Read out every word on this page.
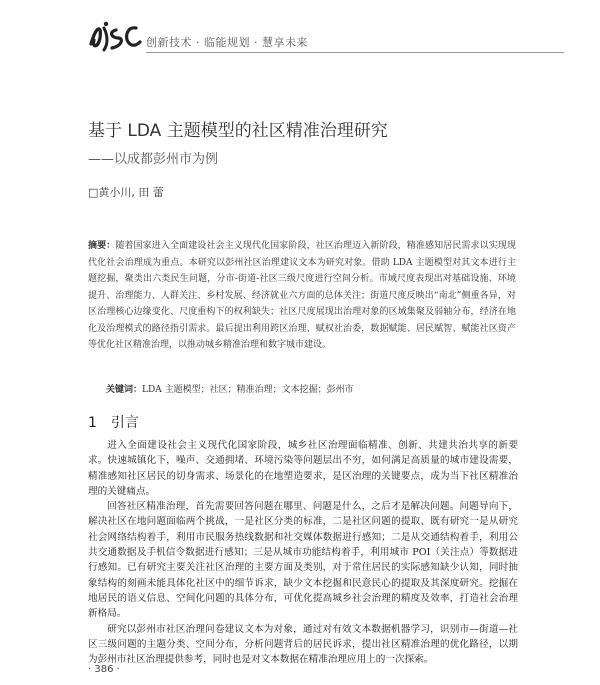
创新技术 · 临能规划 · 慧享未来
基于 LDA 主题模型的社区精准治理研究
——以成都彭州市为例
□黄小川, 田 蕾

摘要：随着国家进入全面建设社会主义现代化国家阶段，社区治理迈入新阶段，精准感知居民需求以实现现代化社会治理成为重点。本研究以彭州社区治理建议文本为研究对象。借助 LDA 主题模型对其文本进行主题挖掘，聚类出六类民生问题，分市-街道-社区三级尺度进行空间分析。市域尺度表现出对基础设施、环境提升、治理能力、人群关注、乡村发展、经济就业六方面的总体关注；街道尺度反映出“南北”侧重各异，对区治理核心边缘变化、尺度重构下的权利缺失；社区尺度展现出治理对象的区域集聚及弱轴分布，经济在地化及治理模式的路径指引需求。最后提出利用跨区治理、赋权社治委，数据赋能、居民赋智、赋能社区资产等优化社区精准治理，以推动城乡精准治理和数字城市建设。

关键词：LDA 主题模型；社区；精准治理；文本挖掘；彭州市

1 引言

进入全面建设社会主义现代化国家阶段，城乡社区治理面临精准、创新、共建共治共享的新要求。快速城镇化下，噪声、交通拥堵、环境污染等问题层出不穷，如何满足高质量的城市建设需要，精准感知社区居民的切身需求、场景化的在地塑造要求，是区治理的关键要点，成为当下社区精准治理的关键痛点。

回答社区精准治理，首先需要回答问题在哪里、问题是什么，之后才是解决问题。问题导向下，解决社区在地问题面临两个挑战，一是社区分类的标准，二是社区问题的提取、既有研究一是从研究社会网络结构着手，利用市民服务热线数据和社交媒体数据进行感知；二是从交通结构着手，利用公共交通数据及手机信令数据进行感知；三是从城市功能结构着手，利用城市 POI（关注点）等数据进行感知。已有研究主要关注社区治理的主要方面及类别，对于常住居民的实际感知缺少认知，同时抽象结构的刻画未能具体化社区中的细节诉求，缺少文本挖掘和民意民心的提取及其深度研究。挖掘在地居民的语义信息、空间化问题的具体分布，可优化提高城乡社会治理的精度及效率，打造社会治理新格局。

研究以彭州市社区治理问卷建议文本为对象，通过对有效文本数据机器学习，识别市—街道—社区三级问题的主题分类、空间分布，分析问题背后的居民诉求，提出社区精准治理的优化路径，以期为彭州市社区治理提供参考，同时也是对文本数据在精准治理应用上的一次探索。

· 386 ·
